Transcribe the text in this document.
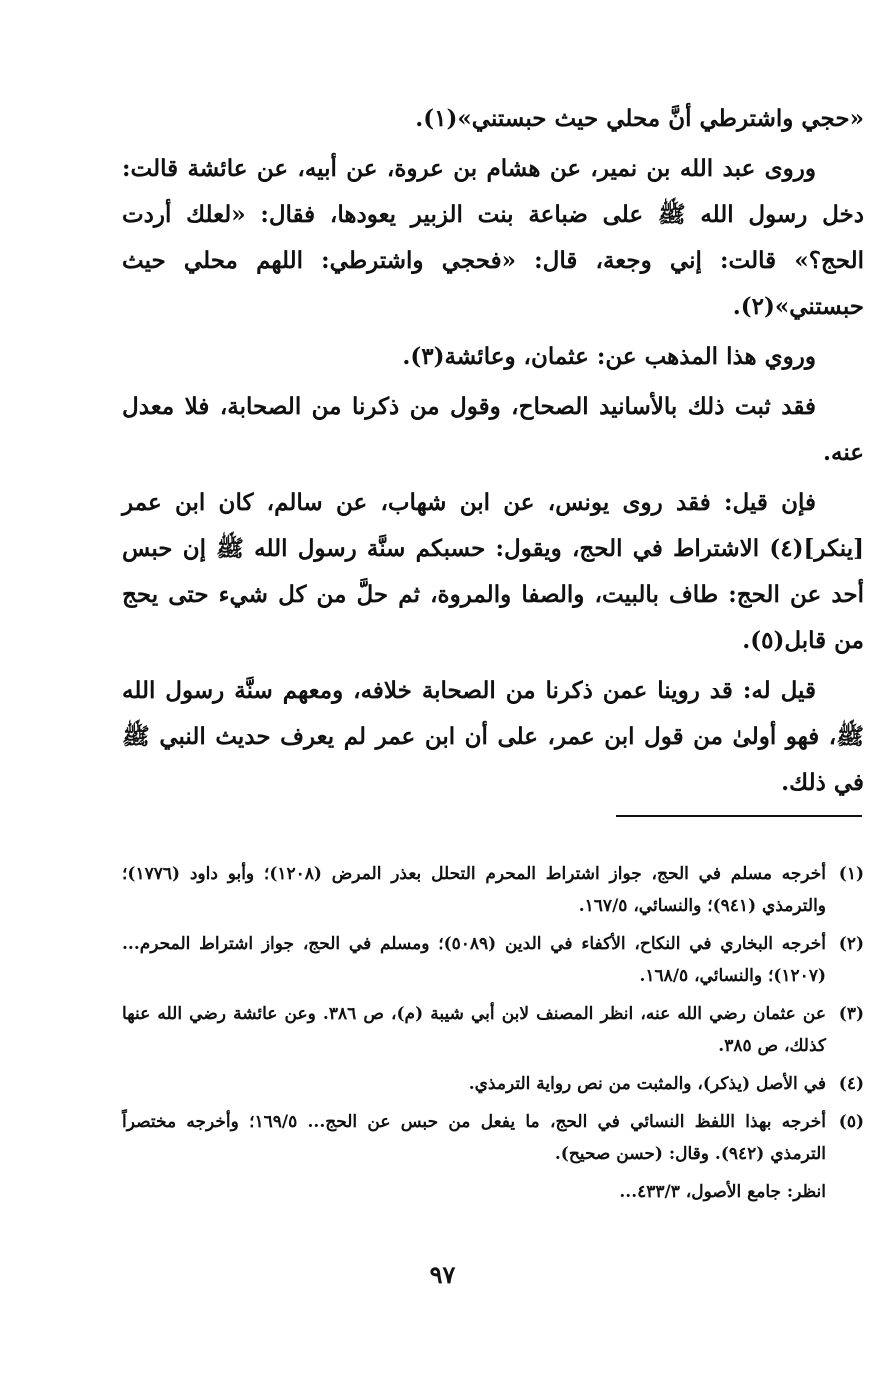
«حجي واشترطي أنَّ محلي حيث حبستني»(١).

وروى عبد الله بن نمير، عن هشام بن عروة، عن أبيه، عن عائشة قالت: دخل رسول الله ﷺ على ضباعة بنت الزبير يعودها، فقال: «لعلك أردت الحج؟» قالت: إني وجعة، قال: «فحجي واشترطي: اللهم محلي حيث حبستني»(٢).

وروي هذا المذهب عن: عثمان، وعائشة(٣).

فقد ثبت ذلك بالأسانيد الصحاح، وقول من ذكرنا من الصحابة، فلا معدل عنه.

فإن قيل: فقد روى يونس، عن ابن شهاب، عن سالم، كان ابن عمر [ينكر](٤) الاشتراط في الحج، ويقول: حسبكم سنَّة رسول الله ﷺ إن حبس أحد عن الحج: طاف بالبيت، والصفا والمروة، ثم حلَّ من كل شيء حتى يحج من قابل(٥).

قيل له: قد روينا عمن ذكرنا من الصحابة خلافه، ومعهم سنَّة رسول الله ﷺ، فهو أولىٰ من قول ابن عمر، على أن ابن عمر لم يعرف حديث النبي ﷺ في ذلك.

(١)
أخرجه مسلم في الحج، جواز اشتراط المحرم التحلل بعذر المرض (١٢٠٨)؛ وأبو داود (١٧٧٦)؛ والترمذي (٩٤١)؛ والنسائي، ١٦٧/٥.
(٢)
أخرجه البخاري في النكاح، الأكفاء في الدين (٥٠٨٩)؛ ومسلم في الحج، جواز اشتراط المحرم... (١٢٠٧)؛ والنسائي، ١٦٨/٥.
(٣)
عن عثمان رضي الله عنه، انظر المصنف لابن أبي شيبة (م)، ص ٣٨٦. وعن عائشة رضي الله عنها كذلك، ص ٣٨٥.
(٤)
في الأصل (يذكر)، والمثبت من نص رواية الترمذي.
(٥)
أخرجه بهذا اللفظ النسائي في الحج، ما يفعل من حبس عن الحج... ١٦٩/٥؛ وأخرجه مختصراً الترمذي (٩٤٢). وقال: (حسن صحيح).
انظر: جامع الأصول، ٤٣٣/٣...
٩٧
